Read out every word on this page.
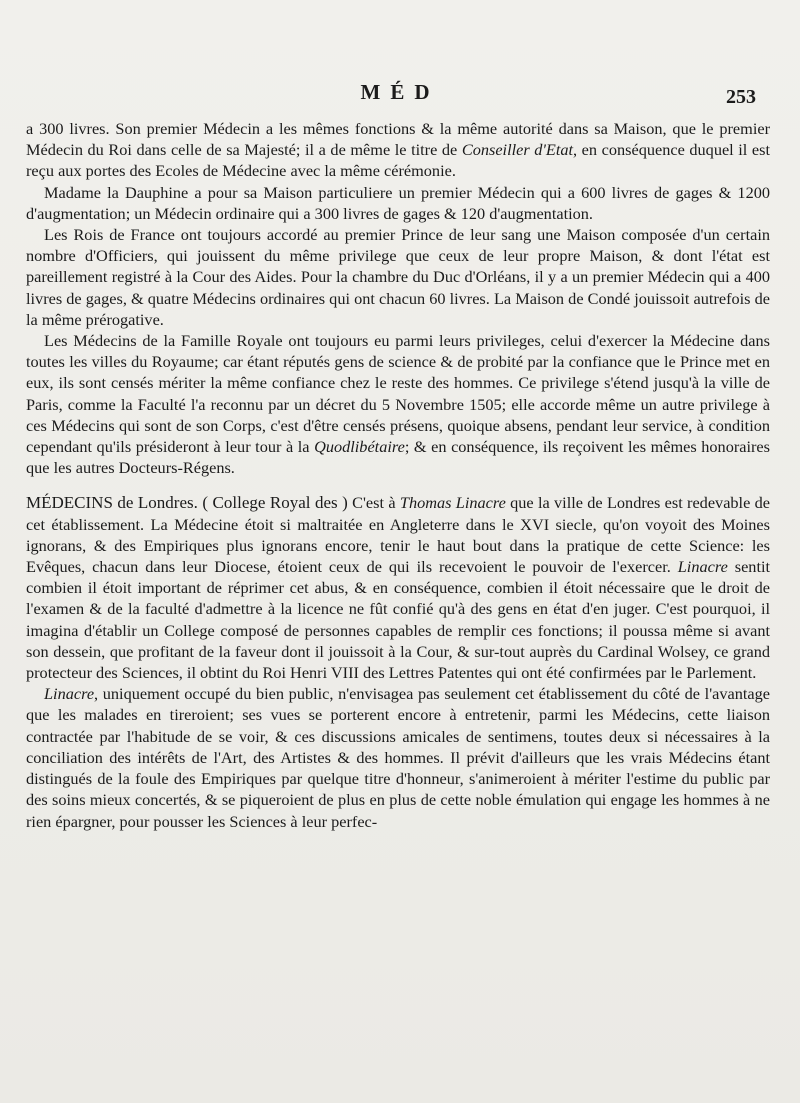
MÉD	253

a 300 livres. Son premier Médecin a les mêmes fonctions & la même autorité dans sa Maison, que le premier Médecin du Roi dans celle de sa Majesté; il a de même le titre de Conseiller d'Etat, en conséquence duquel il est reçu aux portes des Ecoles de Médecine avec la même cérémonie.

Madame la Dauphine a pour sa Maison particuliere un premier Médecin qui a 600 livres de gages & 1200 d'augmentation; un Médecin ordinaire qui a 300 livres de gages & 120 d'augmentation.

Les Rois de France ont toujours accordé au premier Prince de leur sang une Maison composée d'un certain nombre d'Officiers, qui jouissent du même privilege que ceux de leur propre Maison, & dont l'état est pareillement registré à la Cour des Aides. Pour la chambre du Duc d'Orléans, il y a un premier Médecin qui a 400 livres de gages, & quatre Médecins ordinaires qui ont chacun 60 livres. La Maison de Condé jouissoit autrefois de la même prérogative.

Les Médecins de la Famille Royale ont toujours eu parmi leurs privileges, celui d'exercer la Médecine dans toutes les villes du Royaume; car étant réputés gens de science & de probité par la confiance que le Prince met en eux, ils sont censés mériter la même confiance chez le reste des hommes. Ce privilege s'étend jusqu'à la ville de Paris, comme la Faculté l'a reconnu par un décret du 5 Novembre 1505; elle accorde même un autre privilege à ces Médecins qui sont de son Corps, c'est d'être censés présens, quoique absens, pendant leur service, à condition cependant qu'ils présideront à leur tour à la Quodlibétaire; & en conséquence, ils reçoivent les mêmes honoraires que les autres Docteurs-Régens.

MÉDECINS de Londres. ( College Royal des ) C'est à Thomas Linacre que la ville de Londres est redevable de cet établissement. La Médecine étoit si maltraitée en Angleterre dans le XVI siecle, qu'on voyoit des Moines ignorans, & des Empiriques plus ignorans encore, tenir le haut bout dans la pratique de cette Science: les Evêques, chacun dans leur Diocese, étoient ceux de qui ils recevoient le pouvoir de l'exercer. Linacre sentit combien il étoit important de réprimer cet abus, & en conséquence, combien il étoit nécessaire que le droit de l'examen & de la faculté d'admettre à la licence ne fût confié qu'à des gens en état d'en juger. C'est pourquoi, il imagina d'établir un College composé de personnes capables de remplir ces fonctions; il poussa même si avant son dessein, que profitant de la faveur dont il jouissoit à la Cour, & sur-tout auprès du Cardinal Wolsey, ce grand protecteur des Sciences, il obtint du Roi Henri VIII des Lettres Patentes qui ont été confirmées par le Parlement.

Linacre, uniquement occupé du bien public, n'envisagea pas seulement cet établissement du côté de l'avantage que les malades en tireroient; ses vues se porterent encore à entretenir, parmi les Médecins, cette liaison contractée par l'habitude de se voir, & ces discussions amicales de sentimens, toutes deux si nécessaires à la conciliation des intérêts de l'Art, des Artistes & des hommes. Il prévit d'ailleurs que les vrais Médecins étant distingués de la foule des Empiriques par quelque titre d'honneur, s'animeroient à mériter l'estime du public par des soins mieux concertés, & se piqueroient de plus en plus de cette noble émulation qui engage les hommes à ne rien épargner, pour pousser les Sciences à leur perfec-
